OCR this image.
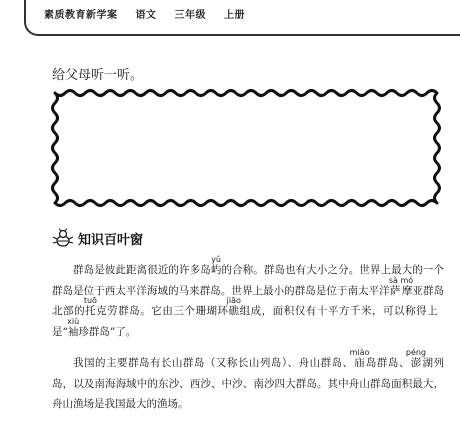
素质教育新学案 语文 三年级 上册
给父母听一听。
知识百叶窗

群岛是彼此距离很近的许多岛屿yǔ的合称。群岛也有大小之分。世界上最大的一个群岛是位于西太平洋海域的马来群岛。世界上最小的群岛是位于南太平洋萨摩sà mó亚群岛北部的托tuō克劳群岛。它由三个珊瑚环礁jiāo组成，面积仅有十平方千米，可以称得上是“袖xiù珍群岛”了。

我国的主要群岛有长山群岛（又称长山列岛）、舟山群岛、庙miào岛群岛、澎péng湖列岛，以及南海海域中的东沙、西沙、中沙、南沙四大群岛。其中舟山群岛面积最大，舟山渔场是我国最大的渔场。
